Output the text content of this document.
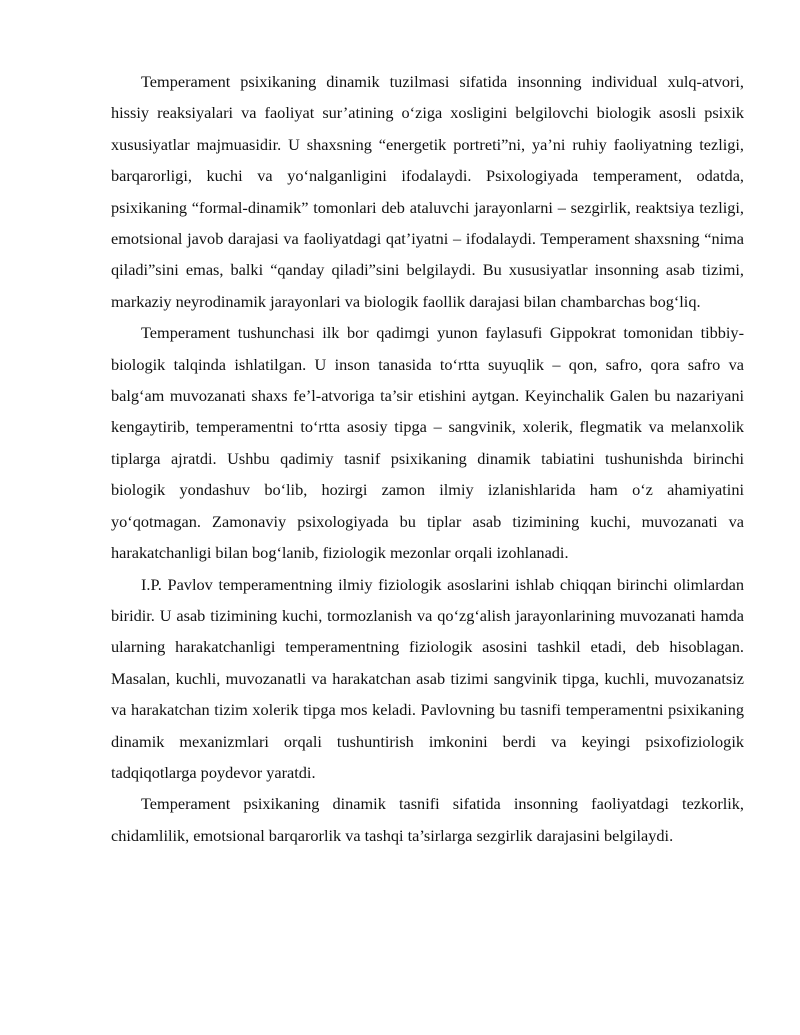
Temperament psixikaning dinamik tuzilmasi sifatida insonning individual xulq-atvori, hissiy reaksiyalari va faoliyat sur’atining o‘ziga xosligini belgilovchi biologik asosli psixik xususiyatlar majmuasidir. U shaxsning “energetik portreti”ni, ya’ni ruhiy faoliyatning tezligi, barqarorligi, kuchi va yo‘nalganligini ifodalaydi. Psixologiyada temperament, odatda, psixikaning “formal-dinamik” tomonlari deb ataluvchi jarayonlarni – sezgirlik, reaktsiya tezligi, emotsional javob darajasi va faoliyatdagi qat’iyatni – ifodalaydi. Temperament shaxsning “nima qiladi”sini emas, balki “qanday qiladi”sini belgilaydi. Bu xususiyatlar insonning asab tizimi, markaziy neyrodinamik jarayonlari va biologik faollik darajasi bilan chambarchas bog‘liq.

Temperament tushunchasi ilk bor qadimgi yunon faylasufi Gippokrat tomonidan tibbiy-biologik talqinda ishlatilgan. U inson tanasida to‘rtta suyuqlik – qon, safro, qora safro va balg‘am muvozanati shaxs fe’l-atvoriga ta’sir etishini aytgan. Keyinchalik Galen bu nazariyani kengaytirib, temperamentni to‘rtta asosiy tipga – sangvinik, xolerik, flegmatik va melanxolik tiplarga ajratdi. Ushbu qadimiy tasnif psixikaning dinamik tabiatini tushunishda birinchi biologik yondashuv bo‘lib, hozirgi zamon ilmiy izlanishlarida ham o‘z ahamiyatini yo‘qotmagan. Zamonaviy psixologiyada bu tiplar asab tizimining kuchi, muvozanati va harakatchanligi bilan bog‘lanib, fiziologik mezonlar orqali izohlanadi.

I.P. Pavlov temperamentning ilmiy fiziologik asoslarini ishlab chiqqan birinchi olimlardan biridir. U asab tizimining kuchi, tormozlanish va qo‘zg‘alish jarayonlarining muvozanati hamda ularning harakatchanligi temperamentning fiziologik asosini tashkil etadi, deb hisoblagan. Masalan, kuchli, muvozanatli va harakatchan asab tizimi sangvinik tipga, kuchli, muvozanatsiz va harakatchan tizim xolerik tipga mos keladi. Pavlovning bu tasnifi temperamentni psixikaning dinamik mexanizmlari orqali tushuntirish imkonini berdi va keyingi psixofiziologik tadqiqotlarga poydevor yaratdi.

Temperament psixikaning dinamik tasnifi sifatida insonning faoliyatdagi tezkorlik, chidamlilik, emotsional barqarorlik va tashqi ta’sirlarga sezgirlik darajasini belgilaydi.
